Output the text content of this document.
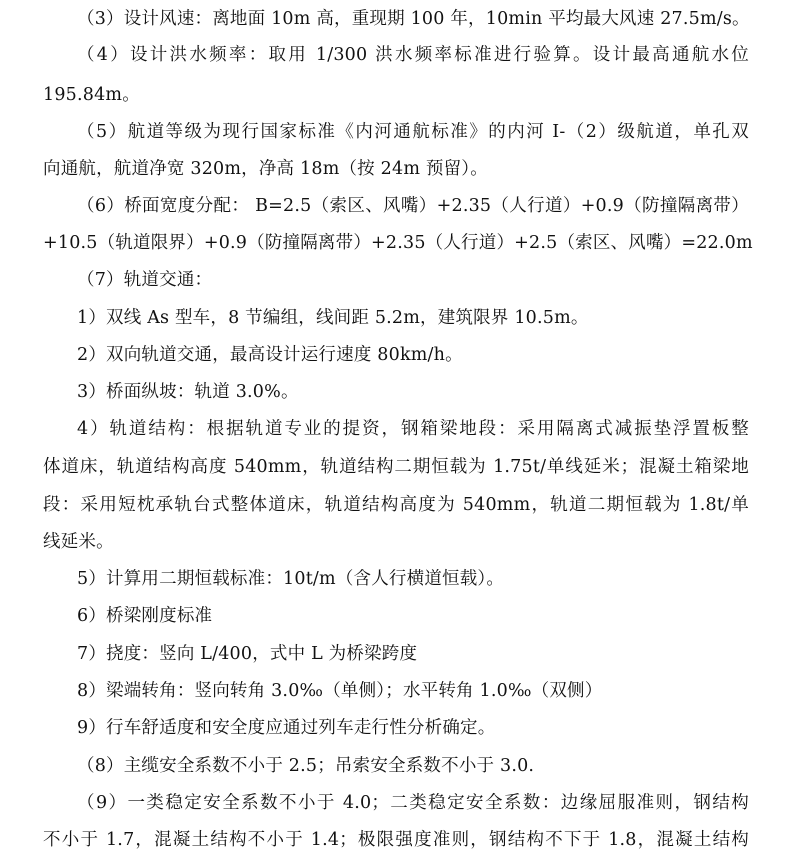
（3）设计风速：离地面 10m 高，重现期 100 年，10min 平均最大风速 27.5m/s。
（4）设计洪水频率：取用 1/300 洪水频率标准进行验算。设计最高通航水位
195.84m。
（5）航道等级为现行国家标准《内河通航标准》的内河 I-（2）级航道，单孔双
向通航，航道净宽 320m，净高 18m（按 24m 预留）。
（6）桥面宽度分配： B=2.5（索区、风嘴）+2.35（人行道）+0.9（防撞隔离带）
+10.5（轨道限界）+0.9（防撞隔离带）+2.35（人行道）+2.5（索区、风嘴）=22.0m
（7）轨道交通：
1）双线 As 型车，8 节编组，线间距 5.2m，建筑限界 10.5m。
2）双向轨道交通，最高设计运行速度 80km/h。
3）桥面纵坡：轨道 3.0%。
4）轨道结构：根据轨道专业的提资，钢箱梁地段：采用隔离式减振垫浮置板整
体道床，轨道结构高度 540mm，轨道结构二期恒载为 1.75t/单线延米；混凝土箱梁地
段：采用短枕承轨台式整体道床，轨道结构高度为 540mm，轨道二期恒载为 1.8t/单
线延米。
5）计算用二期恒载标准：10t/m（含人行横道恒载）。
6）桥梁刚度标准
7）挠度：竖向 L/400，式中 L 为桥梁跨度
8）梁端转角：竖向转角 3.0‰（单侧）；水平转角 1.0‰（双侧）
9）行车舒适度和安全度应通过列车走行性分析确定。
（8）主缆安全系数不小于 2.5；吊索安全系数不小于 3.0.
（9）一类稳定安全系数不小于 4.0；二类稳定安全系数：边缘屈服准则，钢结构
不小于 1.7，混凝土结构不小于 1.4；极限强度准则，钢结构不下于 1.8，混凝土结构
